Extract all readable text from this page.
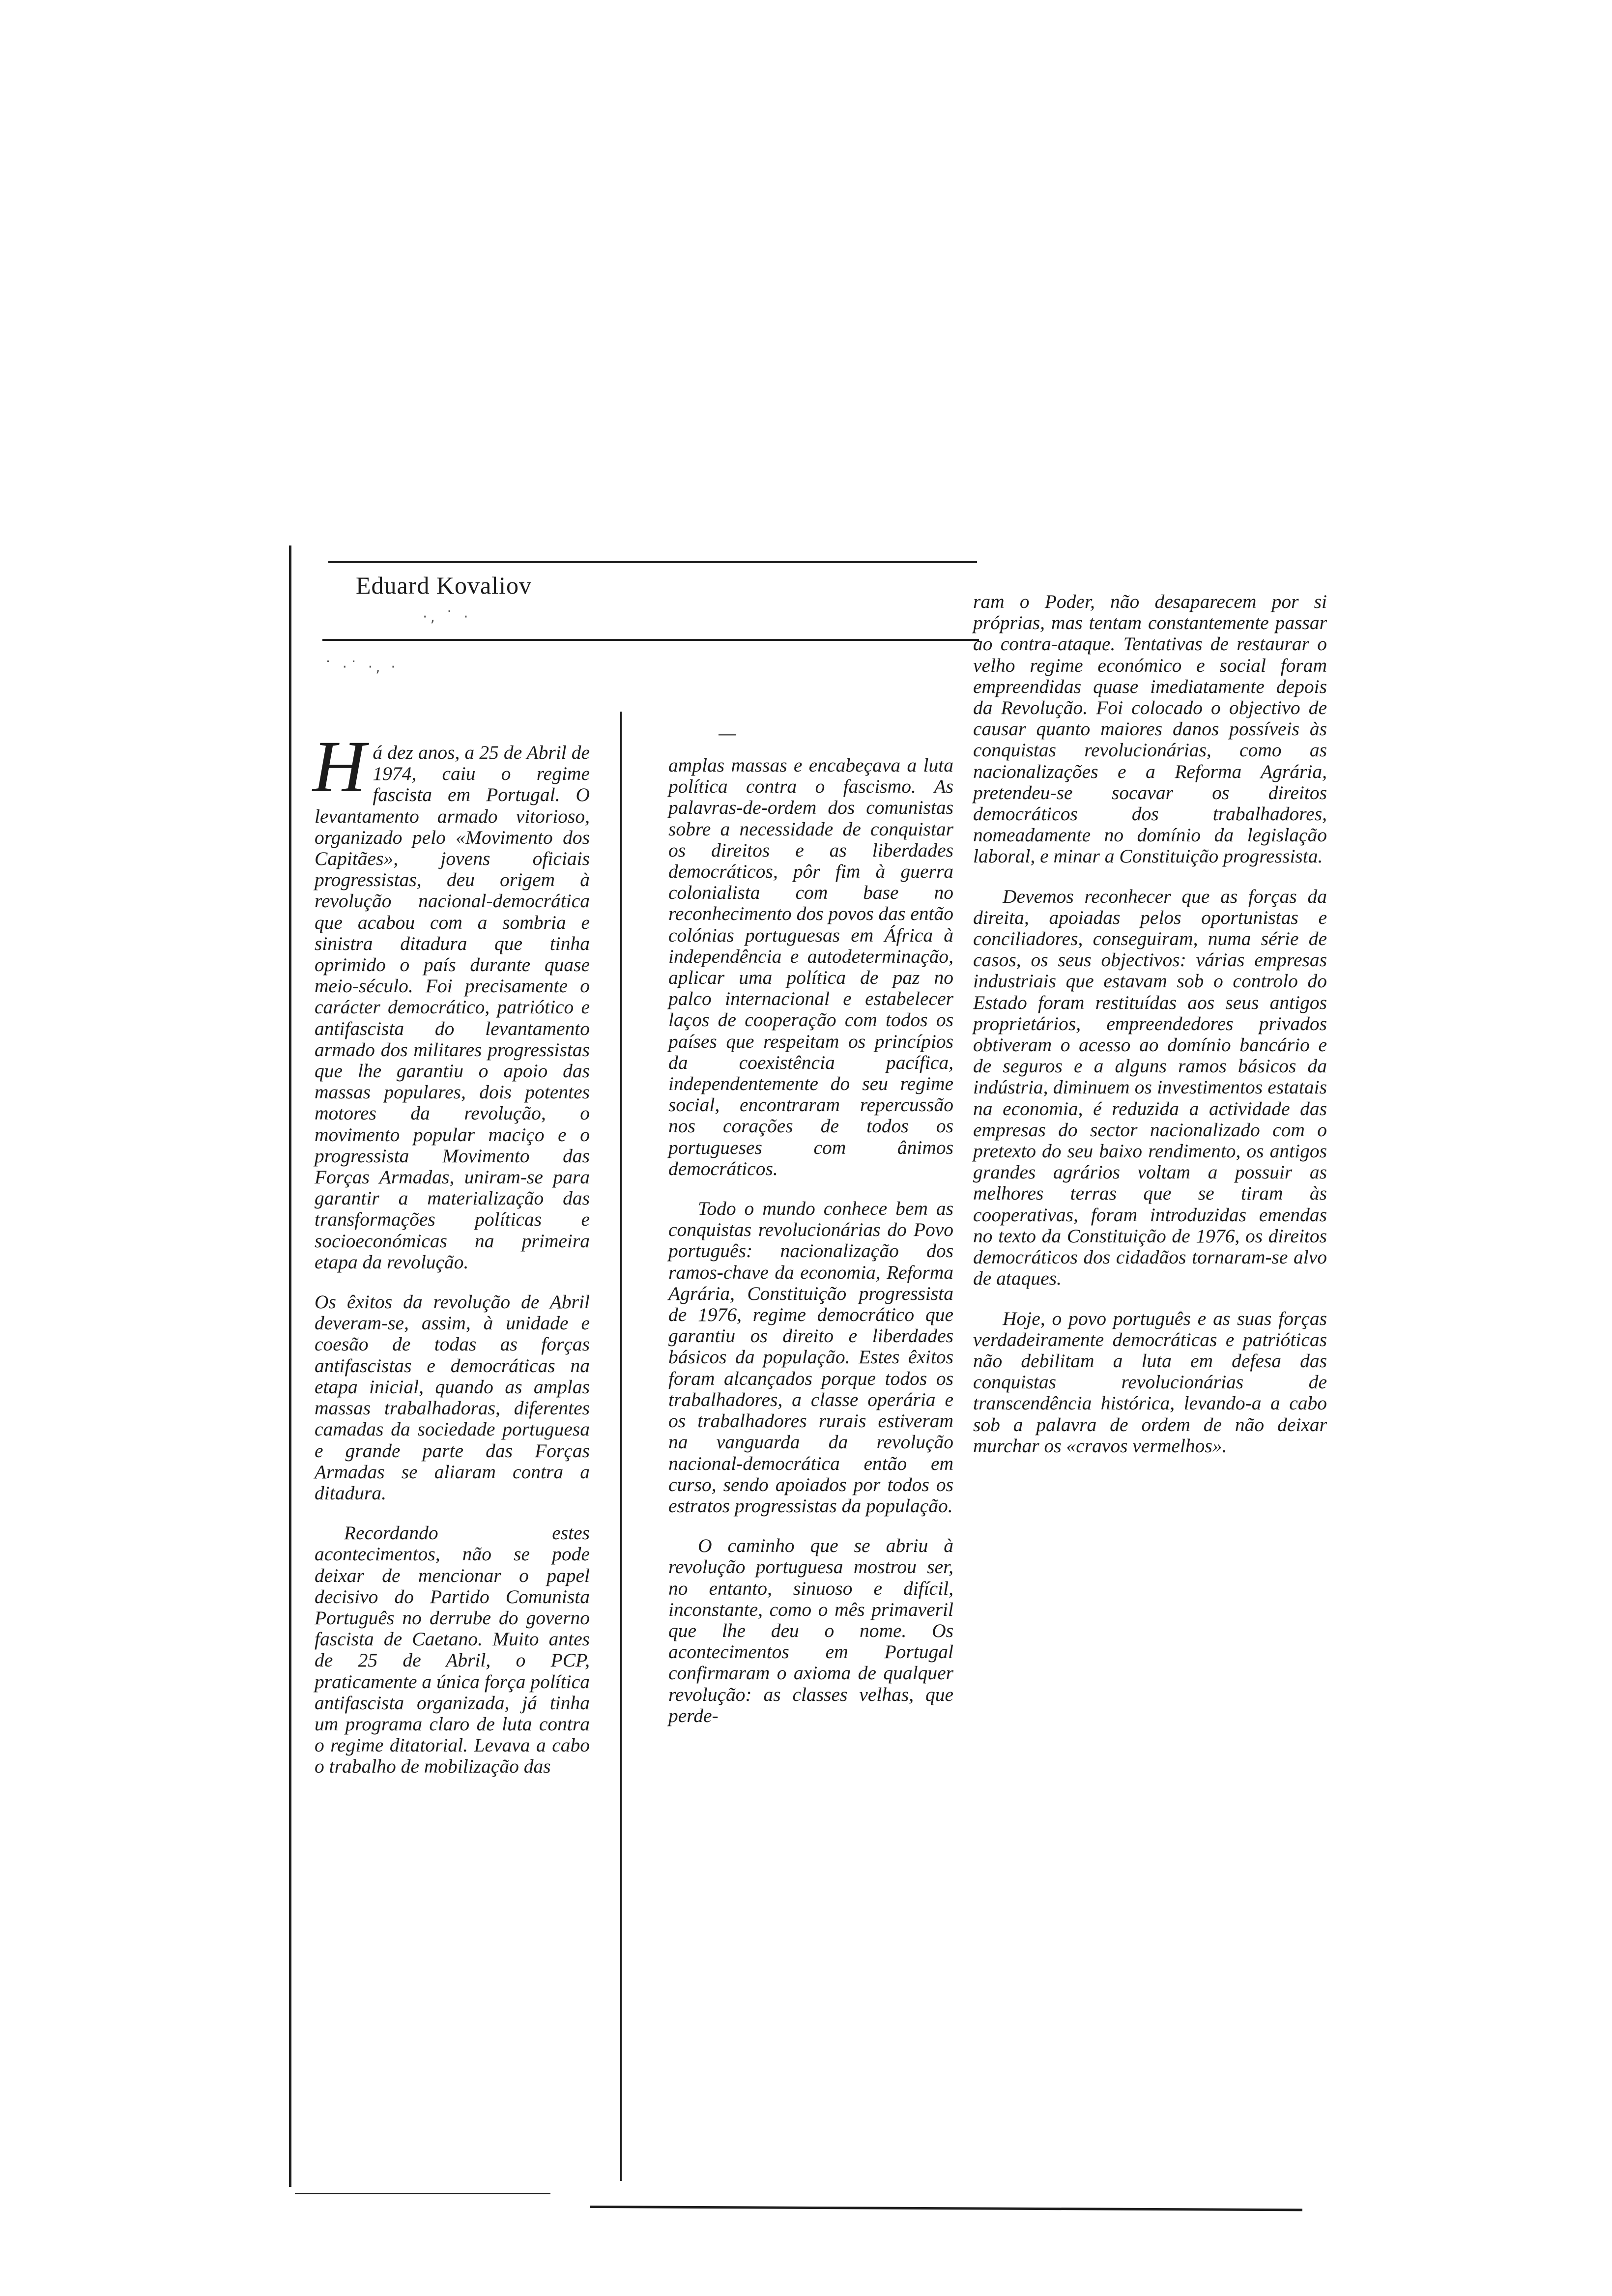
·, ˙ ·
˙ ·˙ ·, ·
—
Eduard Kovaliov

Há dez anos, a 25 de Abril de 1974, caiu o regime fascista em Portugal. O levantamento armado vitorioso, organizado pelo «Movimento dos Capitães», jovens oficiais progressistas, deu origem à revolução nacional-democrática que acabou com a sombria e sinistra ditadura que tinha oprimido o país durante quase meio-século. Foi precisamente o carácter democrático, patriótico e antifascista do levantamento armado dos militares progressistas que lhe garantiu o apoio das massas populares, dois potentes motores da revolução, o movimento popular maciço e o progressista Movimento das Forças Armadas, uniram-se para garantir a materialização das transformações políticas e socioeconómicas na primeira etapa da revolução.

Os êxitos da revolução de Abril deveram-se, assim, à unidade e coesão de todas as forças antifascistas e democráticas na etapa inicial, quando as amplas massas trabalhadoras, diferentes camadas da sociedade portuguesa e grande parte das Forças Armadas se aliaram contra a ditadura.

Recordando estes acontecimentos, não se pode deixar de mencionar o papel decisivo do Partido Comunista Português no derrube do governo fascista de Caetano. Muito antes de 25 de Abril, o PCP, praticamente a única força política antifascista organizada, já tinha um programa claro de luta contra o regime ditatorial. Levava a cabo o trabalho de mobilização das

amplas massas e encabeçava a luta política contra o fascismo. As palavras-de-ordem dos comunistas sobre a necessidade de conquistar os direitos e as liberdades democráticos, pôr fim à guerra colonialista com base no reconhecimento dos povos das então colónias portuguesas em África à independência e autodeterminação, aplicar uma política de paz no palco internacional e estabelecer laços de cooperação com todos os países que respeitam os princípios da coexistência pacífica, independentemente do seu regime social, encontraram repercussão nos corações de todos os portugueses com ânimos democráticos.

Todo o mundo conhece bem as conquistas revolucionárias do Povo português: nacionalização dos ramos-chave da economia, Reforma Agrária, Constituição progressista de 1976, regime democrático que garantiu os direito e liberdades básicos da população. Estes êxitos foram alcançados porque todos os trabalhadores, a classe operária e os trabalhadores rurais estiveram na vanguarda da revolução nacional-democrática então em curso, sendo apoiados por todos os estratos progressistas da população.

O caminho que se abriu à revolução portuguesa mostrou ser, no entanto, sinuoso e difícil, inconstante, como o mês primaveril que lhe deu o nome. Os acontecimentos em Portugal confirmaram o axioma de qualquer revolução: as classes velhas, que perde-

ram o Poder, não desaparecem por si próprias, mas tentam constantemente passar ao contra-ataque. Tentativas de restaurar o velho regime económico e social foram empreendidas quase imediatamente depois da Revolução. Foi colocado o objectivo de causar quanto maiores danos possíveis às conquistas revolucionárias, como as nacionalizações e a Reforma Agrária, pretendeu-se socavar os direitos democráticos dos trabalhadores, nomeadamente no domínio da legislação laboral, e minar a Constituição progressista.

Devemos reconhecer que as forças da direita, apoiadas pelos oportunistas e conciliadores, conseguiram, numa série de casos, os seus objectivos: várias empresas industriais que estavam sob o controlo do Estado foram restituídas aos seus antigos proprietários, empreendedores privados obtiveram o acesso ao domínio bancário e de seguros e a alguns ramos básicos da indústria, diminuem os investimentos estatais na economia, é reduzida a actividade das empresas do sector nacionalizado com o pretexto do seu baixo rendimento, os antigos grandes agrários voltam a possuir as melhores terras que se tiram às cooperativas, foram introduzidas emendas no texto da Constituição de 1976, os direitos democráticos dos cidadãos tornaram-se alvo de ataques.

Hoje, o povo português e as suas forças verdadeiramente democráticas e patrióticas não debilitam a luta em defesa das conquistas revolucionárias de transcendência histórica, levando-a a cabo sob a palavra de ordem de não deixar murchar os «cravos vermelhos».
